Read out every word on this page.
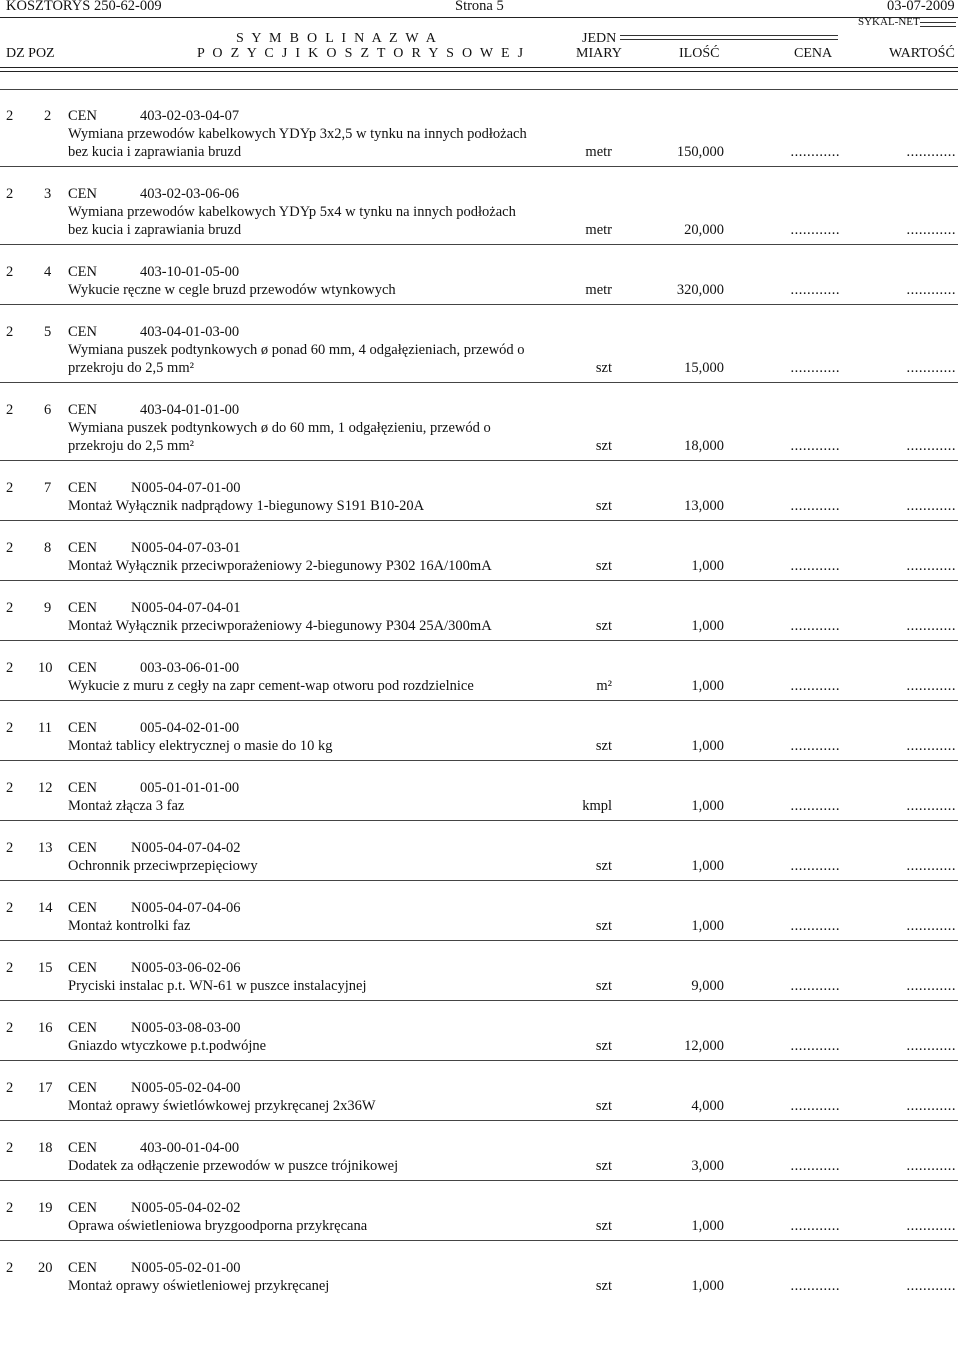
KOSZTORYS 250-62-009	Strona 5	03-07-2009
S Y M B O L I N A Z W A	JEDN
SYKAL-NET
DZ POZ	P O Z Y C J I K O S Z T O R Y S O W E J	MIARY	ILOŚĆ	CENA	WARTOŚĆ
2 2 CEN	403-02-03-04-07
Wymiana przewodów kabelkowych YDYp 3x2,5 w tynku na innych podłożach
bez kucia i zaprawiania bruzd	metr	150,000	............	............
2 3 CEN	403-02-03-06-06
Wymiana przewodów kabelkowych YDYp 5x4 w tynku na innych podłożach
bez kucia i zaprawiania bruzd	metr	20,000	............	............
2 4 CEN	403-10-01-05-00
Wykucie ręczne w cegle bruzd przewodów wtynkowych	metr	320,000	............	............
2 5 CEN	403-04-01-03-00
Wymiana puszek podtynkowych ø ponad 60 mm, 4 odgałęzieniach, przewód o
przekroju do 2,5 mm²	szt	15,000	............	............
2 6 CEN	403-04-01-01-00
Wymiana puszek podtynkowych ø do 60 mm, 1 odgałęzieniu, przewód o
przekroju do 2,5 mm²	szt	18,000	............	............
2 7 CEN N005-04-07-01-00
Montaż Wyłącznik nadprądowy 1-biegunowy S191 B10-20A	szt	13,000	............	............
2 8 CEN N005-04-07-03-01
Montaż Wyłącznik przeciwporażeniowy 2-biegunowy P302 16A/100mA	szt	1,000	............	............
2 9 CEN N005-04-07-04-01
Montaż Wyłącznik przeciwporażeniowy 4-biegunowy P304 25A/300mA	szt	1,000	............	............
2 10 CEN	003-03-06-01-00
Wykucie z muru z cegły na zapr cement-wap otworu pod rozdzielnice	m²	1,000	............	............
2 11 CEN	005-04-02-01-00
Montaż tablicy elektrycznej o masie do 10 kg	szt	1,000	............	............
2 12 CEN	005-01-01-01-00
Montaż złącza 3 faz	kmpl	1,000	............	............
2 13 CEN N005-04-07-04-02
Ochronnik przeciwprzepięciowy	szt	1,000	............	............
2 14 CEN N005-04-07-04-06
Montaż kontrolki faz	szt	1,000	............	............
2 15 CEN N005-03-06-02-06
Pryciski instalac p.t. WN-61 w puszce instalacyjnej	szt	9,000	............	............
2 16 CEN N005-03-08-03-00
Gniazdo wtyczkowe p.t.podwójne	szt	12,000	............	............
2 17 CEN N005-05-02-04-00
Montaż oprawy świetlówkowej przykręcanej 2x36W	szt	4,000	............	............
2 18 CEN	403-00-01-04-00
Dodatek za odłączenie przewodów w puszce trójnikowej	szt	3,000	............	............
2 19 CEN N005-05-04-02-02
Oprawa oświetleniowa bryzgoodporna przykręcana	szt	1,000	............	............
2 20 CEN N005-05-02-01-00
Montaż oprawy oświetleniowej przykręcanej	szt	1,000	............	............
